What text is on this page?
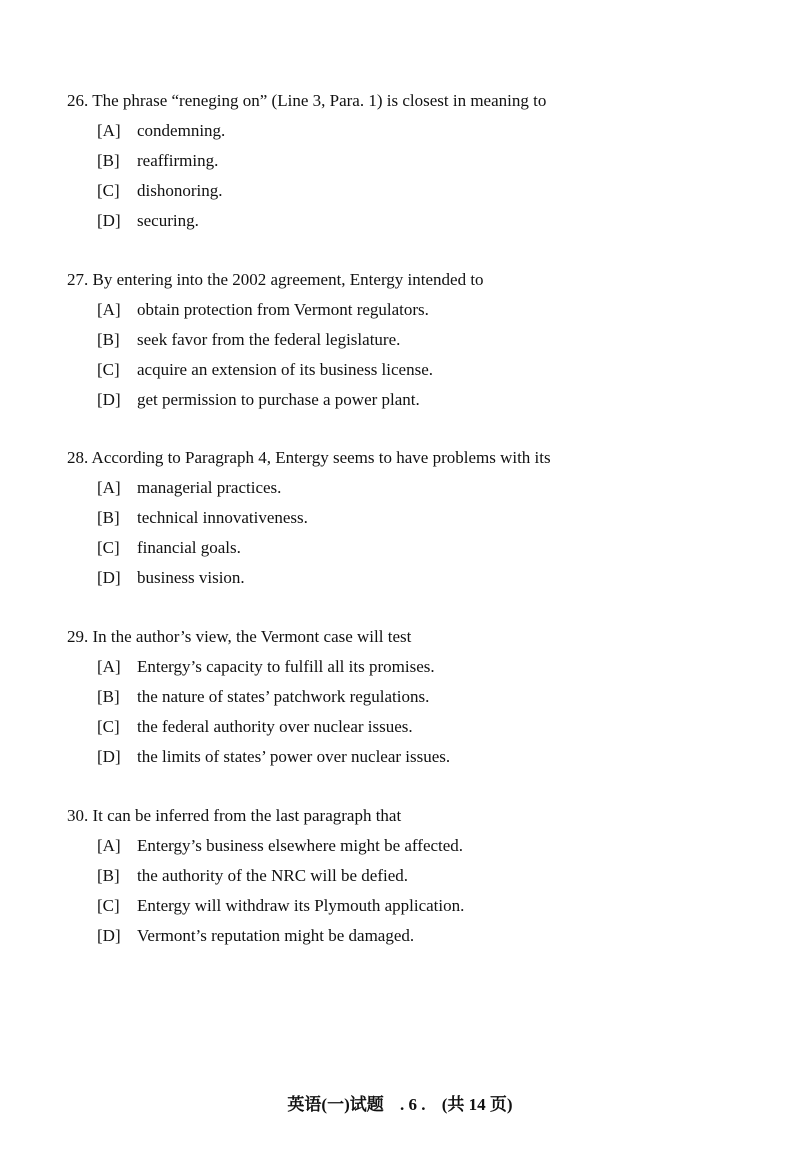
26. The phrase “reneging on” (Line 3, Para. 1) is closest in meaning to
[A] condemning.
[B] reaffirming.
[C] dishonoring.
[D] securing.
27. By entering into the 2002 agreement, Entergy intended to
[A] obtain protection from Vermont regulators.
[B] seek favor from the federal legislature.
[C] acquire an extension of its business license.
[D] get permission to purchase a power plant.
28. According to Paragraph 4, Entergy seems to have problems with its
[A] managerial practices.
[B] technical innovativeness.
[C] financial goals.
[D] business vision.
29. In the author’s view, the Vermont case will test
[A] Entergy’s capacity to fulfill all its promises.
[B] the nature of states’ patchwork regulations.
[C] the federal authority over nuclear issues.
[D] the limits of states’ power over nuclear issues.
30. It can be inferred from the last paragraph that
[A] Entergy’s business elsewhere might be affected.
[B] the authority of the NRC will be defied.
[C] Entergy will withdraw its Plymouth application.
[D] Vermont’s reputation might be damaged.
英语(一)试题 . 6 . (共 14 页)
